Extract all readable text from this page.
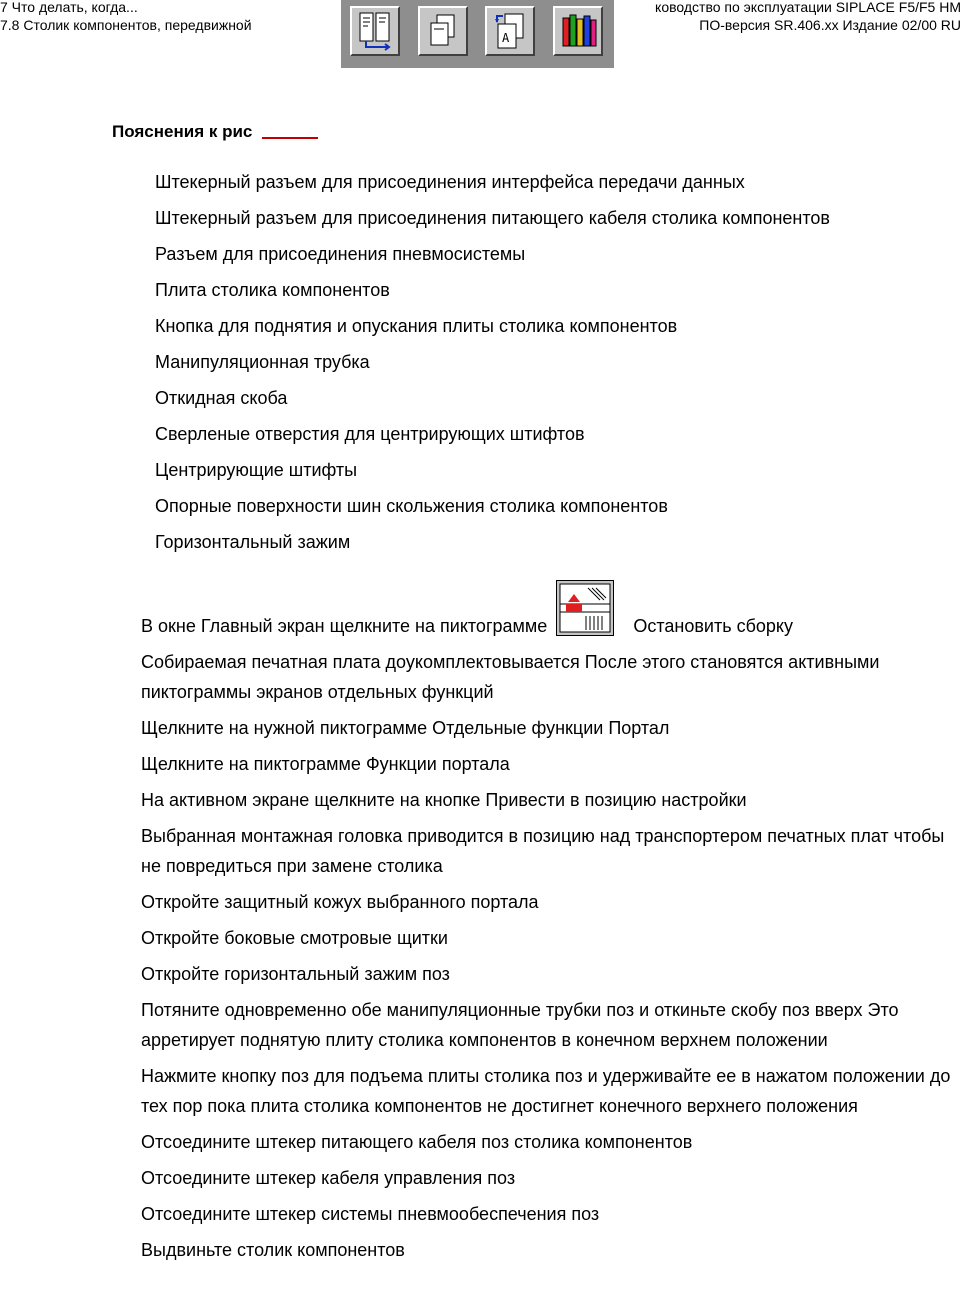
7 Что делать, когда...
7.8 Столик компонентов, передвижной
ководство по эксплуатации SIPLACE F5/F5 HM
ПО-версия SR.406.xx Издание 02/00 RU
A
Пояснения к рис
Штекерный разъем для присоединения интерфейса передачи данных
Штекерный разъем для присоединения питающего кабеля столика компонентов
Разъем для присоединения пневмосистемы
Плита столика компонентов
Кнопка для поднятия и опускания плиты столика компонентов
Манипуляционная трубка
Откидная скоба
Сверленые отверстия для центрирующих штифтов
Центрирующие штифты
Опорные поверхности шин скольжения столика компонентов
Горизонтальный зажим
В окне Главный экран щелкните на пиктограмме	Остановить сборку
Собираемая печатная плата доукомплектовывается После этого становятся активными пиктограммы экранов отдельных функций
Щелкните на нужной пиктограмме Отдельные функции Портал
Щелкните на пиктограмме Функции портала
На активном экране щелкните на кнопке Привести в позицию настройки
Выбранная монтажная головка приводится в позицию над транспортером печатных плат чтобы не повредиться при замене столика
Откройте защитный кожух выбранного портала
Откройте боковые смотровые щитки
Откройте горизонтальный зажим поз
Потяните одновременно обе манипуляционные трубки поз и откиньте скобу поз вверх Это арретирует поднятую плиту столика компонентов в конечном верхнем положении
Нажмите кнопку поз для подъема плиты столика поз и удерживайте ее в нажатом положении до тех пор пока плита столика компонентов не достигнет конечного верхнего положения
Отсоедините штекер питающего кабеля поз столика компонентов
Отсоедините штекер кабеля управления поз
Отсоедините штекер системы пневмообеспечения поз
Выдвиньте столик компонентов
